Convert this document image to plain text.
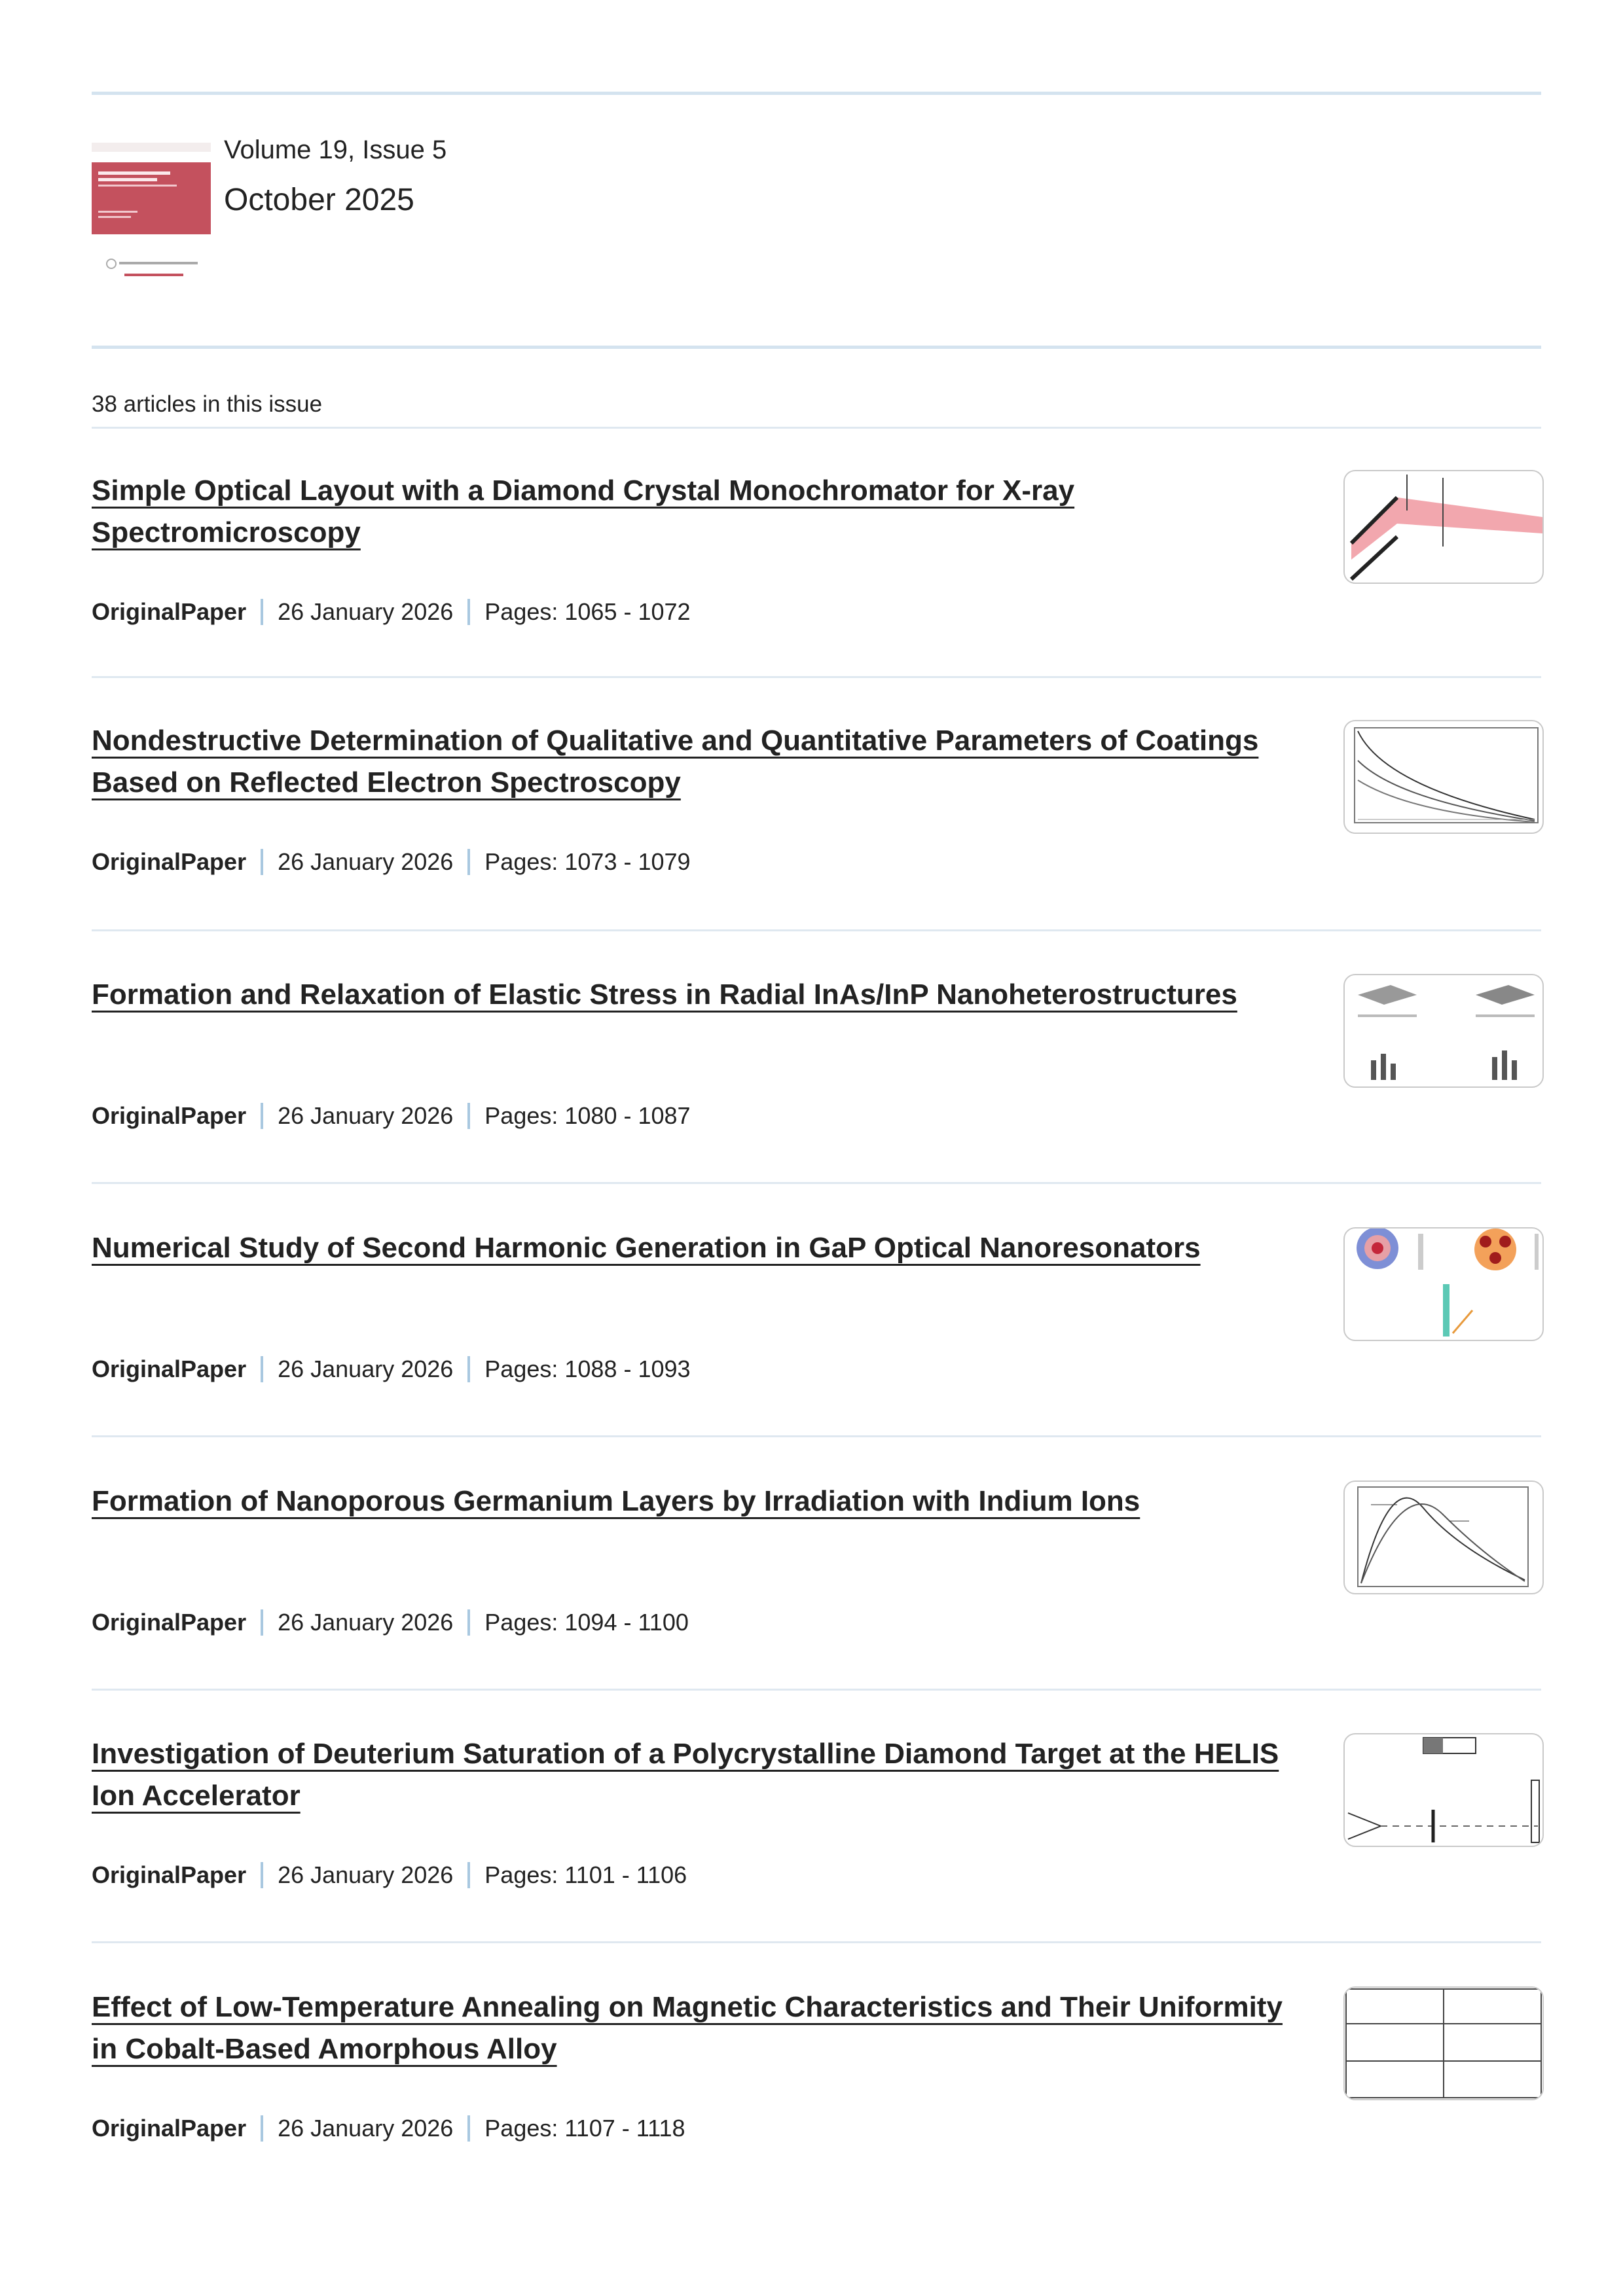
Volume 19, Issue 5
October 2025
38 articles in this issue
Simple Optical Layout with a Diamond Crystal Monochromator for X-ray Spectromicroscopy
OriginalPaper 26 January 2026 Pages: 1065 - 1072
Nondestructive Determination of Qualitative and Quantitative Parameters of Coatings Based on Reflected Electron Spectroscopy
OriginalPaper 26 January 2026 Pages: 1073 - 1079
Formation and Relaxation of Elastic Stress in Radial InAs/InP Nanoheterostructures
OriginalPaper 26 January 2026 Pages: 1080 - 1087
Numerical Study of Second Harmonic Generation in GaP Optical Nanoresonators
OriginalPaper 26 January 2026 Pages: 1088 - 1093
Formation of Nanoporous Germanium Layers by Irradiation with Indium Ions
OriginalPaper 26 January 2026 Pages: 1094 - 1100
Investigation of Deuterium Saturation of a Polycrystalline Diamond Target at the HELIS Ion Accelerator
OriginalPaper 26 January 2026 Pages: 1101 - 1106
Effect of Low-Temperature Annealing on Magnetic Characteristics and Their Uniformity in Cobalt-Based Amorphous Alloy
OriginalPaper 26 January 2026 Pages: 1107 - 1118
